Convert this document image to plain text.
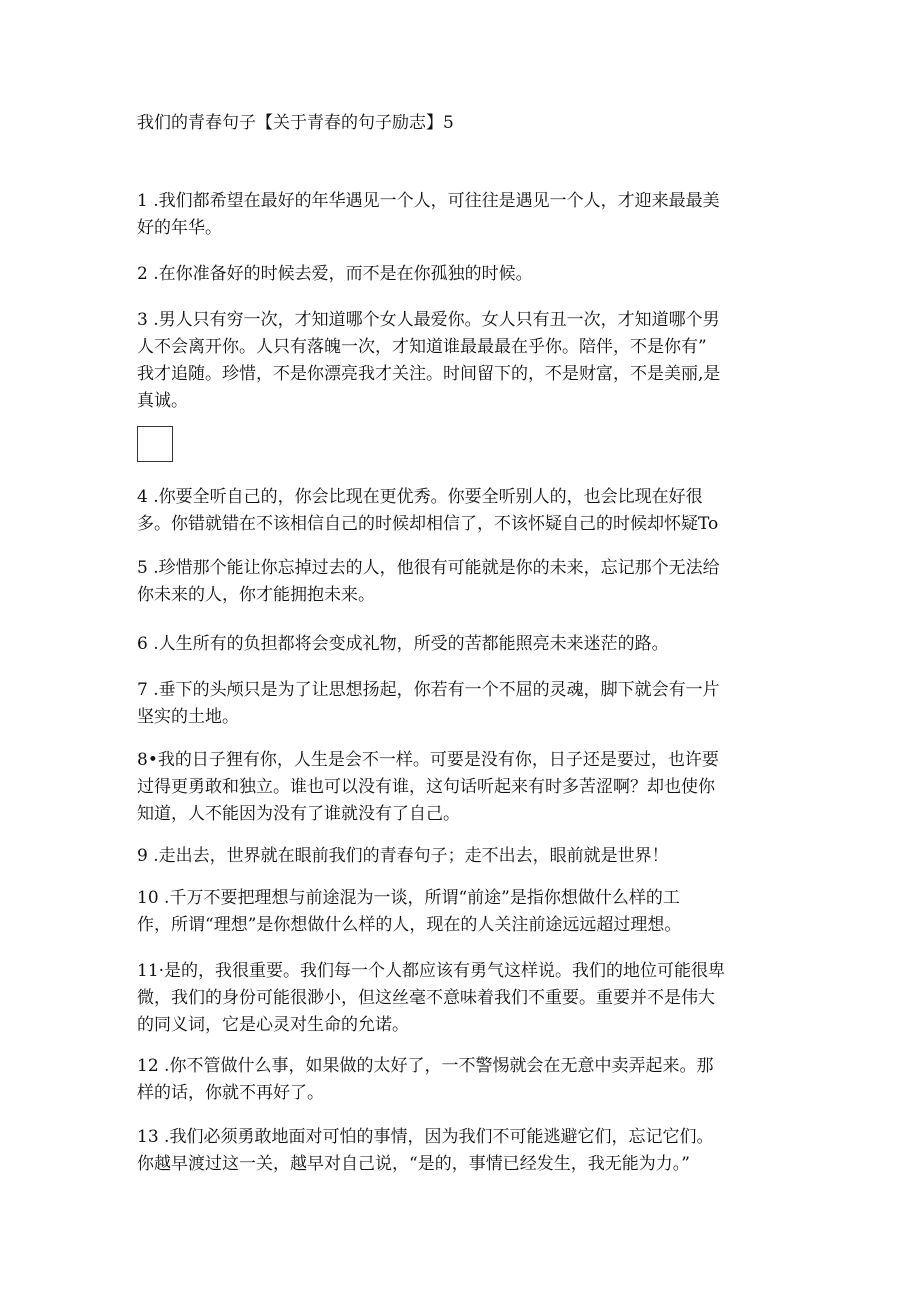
我们的青春句子【关于青春的句子励志】5

1 .我们都希望在最好的年华遇见一个人，可往往是遇见一个人，才迎来最最美
好的年华。

2 .在你准备好的时候去爱，而不是在你孤独的时候。

3 .男人只有穷一次，才知道哪个女人最爱你。女人只有丑一次，才知道哪个男
人不会离开你。人只有落魄一次，才知道谁最最最在乎你。陪伴，不是你有”
我才追随。珍惜，不是你漂亮我才关注。时间留下的，不是财富，不是美丽,是
真诚。

4 .你要全听自己的，你会比现在更优秀。你要全听别人的，也会比现在好很
多。你错就错在不该相信自己的时候却相信了，不该怀疑自己的时候却怀疑To

5 .珍惜那个能让你忘掉过去的人，他很有可能就是你的未来，忘记那个无法给
你未来的人，你才能拥抱未来。

6 .人生所有的负担都将会变成礼物，所受的苦都能照亮未来迷茫的路。

7 .垂下的头颅只是为了让思想扬起，你若有一个不屈的灵魂，脚下就会有一片
坚实的土地。

8•我的日子狸有你，人生是会不一样。可要是没有你，日子还是要过，也许要
过得更勇敢和独立。谁也可以没有谁，这句话听起来有时多苦涩啊？却也使你
知道，人不能因为没有了谁就没有了自己。

9 .走出去，世界就在眼前我们的青春句子；走不出去，眼前就是世界！

10 .千万不要把理想与前途混为一谈，所谓“前途”是指你想做什么样的工
作，所谓“理想”是你想做什么样的人，现在的人关注前途远远超过理想。

11·是的，我很重要。我们每一个人都应该有勇气这样说。我们的地位可能很卑
微，我们的身份可能很渺小，但这丝毫不意味着我们不重要。重要并不是伟大
的同义词，它是心灵对生命的允诺。

12 .你不管做什么事，如果做的太好了，一不警惕就会在无意中卖弄起来。那
样的话，你就不再好了。

13 .我们必须勇敢地面对可怕的事情，因为我们不可能逃避它们，忘记它们。
你越早渡过这一关，越早对自己说，“是的，事情已经发生，我无能为力。”
